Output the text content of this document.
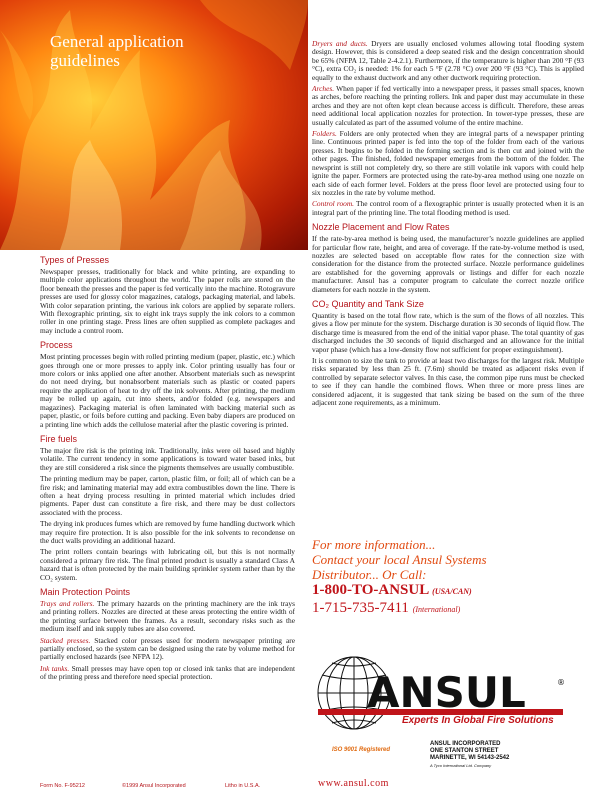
General application
guidelines
Types of Presses

Newspaper presses, traditionally for black and white printing, are expanding to multiple color applications throughout the world. The paper rolls are stored on the floor beneath the presses and the paper is fed vertically into the machine. Rotogravure presses are used for glossy color magazines, catalogs, packaging material, and labels. With color separation printing, the various ink colors are applied by separate rollers. With flexographic printing, six to eight ink trays supply the ink colors to a common roller in one printing stage. Press lines are often supplied as complete packages and may include a control room.

Process

Most printing processes begin with rolled printing medium (paper, plastic, etc.) which goes through one or more presses to apply ink. Color printing usually has four or more colors or inks applied one after another. Absorbent materials such as newsprint do not need drying, but nonabsorbent materials such as plastic or coated papers require the application of heat to dry off the ink solvents. After printing, the medium may be rolled up again, cut into sheets, and/or folded (e.g. newspapers and magazines). Packaging material is often laminated with backing material such as paper, plastic, or foils before cutting and packing. Even baby diapers are produced on a printing line which adds the cellulose material after the plastic covering is printed.

Fire fuels

The major fire risk is the printing ink. Traditionally, inks were oil based and highly volatile. The current tendency in some applications is toward water based inks, but they are still considered a risk since the pigments themselves are usually combustible.

The printing medium may be paper, carton, plastic film, or foil; all of which can be a fire risk; and laminating material may add extra combustibles down the line. There is often a heat drying process resulting in printed material which includes dried pigments. Paper dust can constitute a fire risk, and there may be dust collectors associated with the process.

The drying ink produces fumes which are removed by fume handling ductwork which may require fire protection. It is also possible for the ink solvents to recondense on the duct walls providing an additional hazard.

The print rollers contain bearings with lubricating oil, but this is not normally considered a primary fire risk. The final printed product is usually a standard Class A hazard that is often protected by the main building sprinkler system rather than by the CO₂ system.

Main Protection Points

Trays and rollers. The primary hazards on the printing machinery are the ink trays and printing rollers. Nozzles are directed at these areas protecting the entire width of the printing surface between the frames. As a result, secondary risks such as the medium itself and ink supply tubes are also covered.

Stacked presses. Stacked color presses used for modern newspaper printing are partially enclosed, so the system can be designed using the rate by volume method for partially enclosed hazards (see NFPA 12).

Ink tanks. Small presses may have open top or closed ink tanks that are independent of the printing press and therefore need special protection.

Dryers and ducts. Dryers are usually enclosed volumes allowing total flooding system design. However, this is considered a deep seated risk and the design concentration should be 65% (NFPA 12, Table 2-4.2.1). Furthermore, if the temperature is higher than 200 °F (93 °C), extra CO₂ is needed: 1% for each 5 °F (2.78 °C) over 200 °F (93 °C). This is applied equally to the exhaust ductwork and any other ductwork requiring protection.

Arches. When paper if fed vertically into a newspaper press, it passes small spaces, known as arches, before reaching the printing rollers. Ink and paper dust may accumulate in these arches and they are not often kept clean because access is difficult. Therefore, these areas need additional local application nozzles for protection. In tower-type presses, these are usually calculated as part of the assumed volume of the entire machine.

Folders. Folders are only protected when they are integral parts of a newspaper printing line. Continuous printed paper is fed into the top of the folder from each of the various presses. It begins to be folded in the forming section and is then cut and joined with the other pages. The finished, folded newspaper emerges from the bottom of the folder. The newsprint is still not completely dry, so there are still volatile ink vapors with could help ignite the paper. Formers are protected using the rate-by-area method using one nozzle on each side of each former level. Folders at the press floor level are protected using four to six nozzles in the rate by volume method.

Control room. The control room of a flexographic printer is usually protected when it is an integral part of the printing line. The total flooding method is used.

Nozzle Placement and Flow Rates

If the rate-by-area method is being used, the manufacturer’s nozzle guidelines are applied for particular flow rate, height, and area of coverage. If the rate-by-volume method is used, nozzles are selected based on acceptable flow rates for the connection size with consideration for the distance from the protected surface. Nozzle performance guidelines are established for the governing approvals or listings and differ for each nozzle manufacturer. Ansul has a computer program to calculate the correct nozzle orifice diameters for each nozzle in the system.

CO₂ Quantity and Tank Size

Quantity is based on the total flow rate, which is the sum of the flows of all nozzles. This gives a flow per minute for the system. Discharge duration is 30 seconds of liquid flow. The discharge time is measured from the end of the initial vapor phase. The total quantity of gas discharged includes the 30 seconds of liquid discharged and an allowance for the initial vapor phase (which has a low-density flow not sufficient for proper extinguishment).

It is common to size the tank to provide at least two discharges for the largest risk. Multiple risks separated by less than 25 ft. (7.6m) should be treated as adjacent risks even if controlled by separate selector valves. In this case, the common pipe runs must be checked to see if they can handle the combined flows. When three or more press lines are considered adjacent, it is suggested that tank sizing be based on the sum of the three adjacent zone requirements, as a minimum.

For more information...

Contact your local Ansul Systems

Distributor... Or Call:

1-800-TO-ANSUL (USA/CAN)

1-715-735-7411 (International)

ANSUL	®
Experts In Global Fire Solutions
ISO 9001 Registered
ANSUL INCORPORATED
ONE STANTON STREET
MARINETTE, WI 54143-2542
A Tyco International Ltd. Company
Form No. F-95212	©1999 Ansul Incorporated	Litho in U.S.A.	www.ansul.com
